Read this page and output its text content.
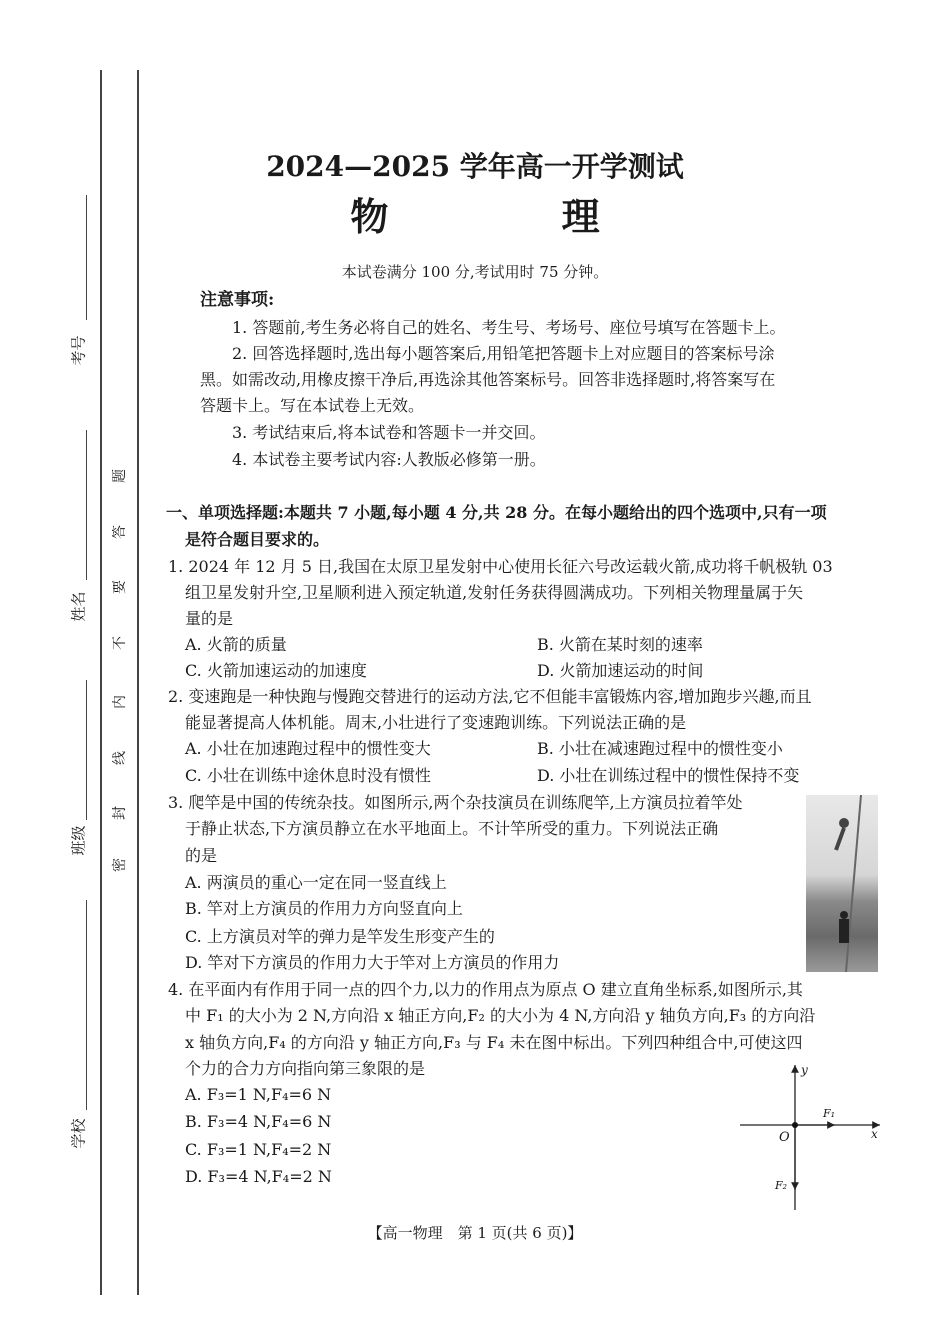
考号
姓名
班级
学校
密
封
线
内
不
要
答
题
2024—2025 学年高一开学测试
物 理
本试卷满分 100 分,考试用时 75 分钟。
注意事项:
1. 答题前,考生务必将自己的姓名、考生号、考场号、座位号填写在答题卡上。
2. 回答选择题时,选出每小题答案后,用铅笔把答题卡上对应题目的答案标号涂
黑。如需改动,用橡皮擦干净后,再选涂其他答案标号。回答非选择题时,将答案写在
答题卡上。写在本试卷上无效。
3. 考试结束后,将本试卷和答题卡一并交回。
4. 本试卷主要考试内容:人教版必修第一册。
一、单项选择题:本题共 7 小题,每小题 4 分,共 28 分。在每小题给出的四个选项中,只有一项
是符合题目要求的。
1. 2024 年 12 月 5 日,我国在太原卫星发射中心使用长征六号改运载火箭,成功将千帆极轨 03
组卫星发射升空,卫星顺利进入预定轨道,发射任务获得圆满成功。下列相关物理量属于矢
量的是
A. 火箭的质量	B. 火箭在某时刻的速率
C. 火箭加速运动的加速度	D. 火箭加速运动的时间
2. 变速跑是一种快跑与慢跑交替进行的运动方法,它不但能丰富锻炼内容,增加跑步兴趣,而且
能显著提高人体机能。周末,小壮进行了变速跑训练。下列说法正确的是
A. 小壮在加速跑过程中的惯性变大	B. 小壮在减速跑过程中的惯性变小
C. 小壮在训练中途休息时没有惯性	D. 小壮在训练过程中的惯性保持不变
3. 爬竿是中国的传统杂技。如图所示,两个杂技演员在训练爬竿,上方演员拉着竿处
于静止状态,下方演员静立在水平地面上。不计竿所受的重力。下列说法正确
的是
A. 两演员的重心一定在同一竖直线上
B. 竿对上方演员的作用力方向竖直向上
C. 上方演员对竿的弹力是竿发生形变产生的
D. 竿对下方演员的作用力大于竿对上方演员的作用力
4. 在平面内有作用于同一点的四个力,以力的作用点为原点 O 建立直角坐标系,如图所示,其
中 F₁ 的大小为 2 N,方向沿 x 轴正方向,F₂ 的大小为 4 N,方向沿 y 轴负方向,F₃ 的方向沿
x 轴负方向,F₄ 的方向沿 y 轴正方向,F₃ 与 F₄ 未在图中标出。下列四种组合中,可使这四
个力的合力方向指向第三象限的是
A. F₃=1 N,F₄=6 N
B. F₃=4 N,F₄=6 N
C. F₃=1 N,F₄=2 N
D. F₃=4 N,F₄=2 N
y
x
O
F₁
F₂
【高一物理　第 1 页(共 6 页)】
